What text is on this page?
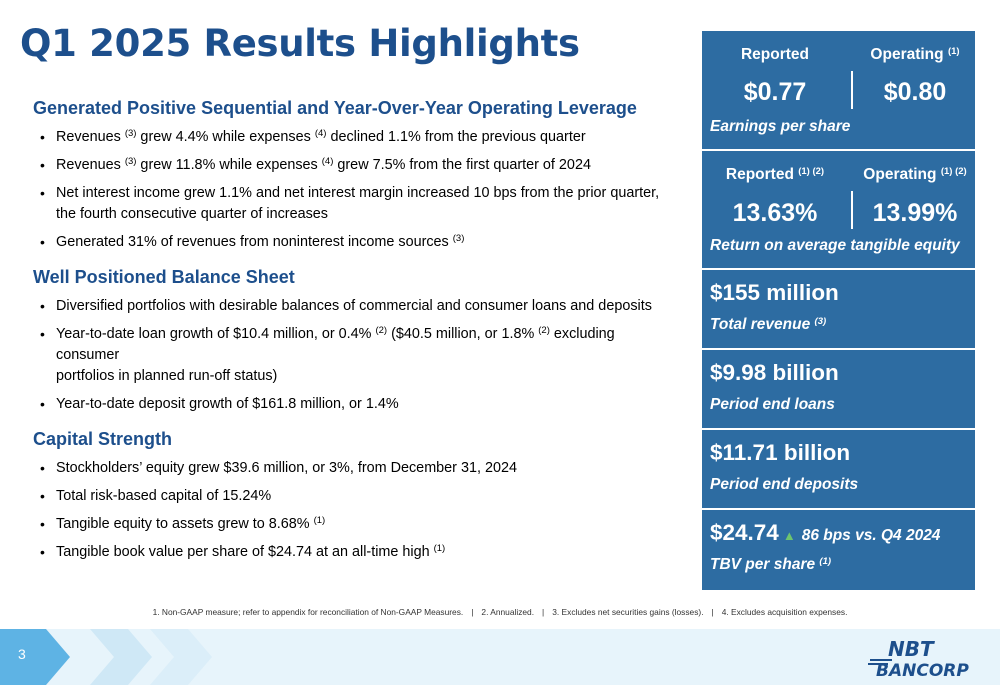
Q1 2025 Results Highlights
Generated Positive Sequential and Year-Over-Year Operating Leverage
• Revenues $^{(3)}$ grew 4.4% while expenses $^{(4)}$ declined 1.1% from the previous quarter
• Revenues $^{(3)}$ grew 11.8% while expenses $^{(4)}$ grew 7.5% from the first quarter of 2024
• Net interest income grew 1.1% and net interest margin increased 10 bps from the prior quarter,
the fourth consecutive quarter of increases
• Generated 31% of revenues from noninterest income sources $^{(3)}$
Well Positioned Balance Sheet
• Diversified portfolios with desirable balances of commercial and consumer loans and deposits
• Year-to-date loan growth of $10.4 million, or 0.4% $^{(2)}$ ($40.5 million, or 1.8% $^{(2)}$ excluding consumer
portfolios in planned run-off status)
• Year-to-date deposit growth of $161.8 million, or 1.4%
Capital Strength
• Stockholders’ equity grew $39.6 million, or 3%, from December 31, 2024
• Total risk-based capital of 15.24%
• Tangible equity to assets grew to 8.68% $^{(1)}$
• Tangible book value per share of $24.74 at an all-time high $^{(1)}$
Reported	Operating $^{(1)}$
$0.77	$0.80
Earnings per share
Reported $^{(1) (2)}$	Operating $^{(1) (2)}$
13.63%	13.99%
Return on average tangible equity
$155 million
Total revenue $^{(3)}$
$9.98 billion
Period end loans
$11.71 billion
Period end deposits
$24.74 ▲ 86 bps vs. Q4 2024
TBV per share $^{(1)}$
1. Non-GAAP measure; refer to appendix for reconciliation of Non-GAAP Measures. | 2. Annualized. | 3. Excludes net securities gains (losses). | 4. Excludes acquisition expenses.
3	NBT
BANCORP
